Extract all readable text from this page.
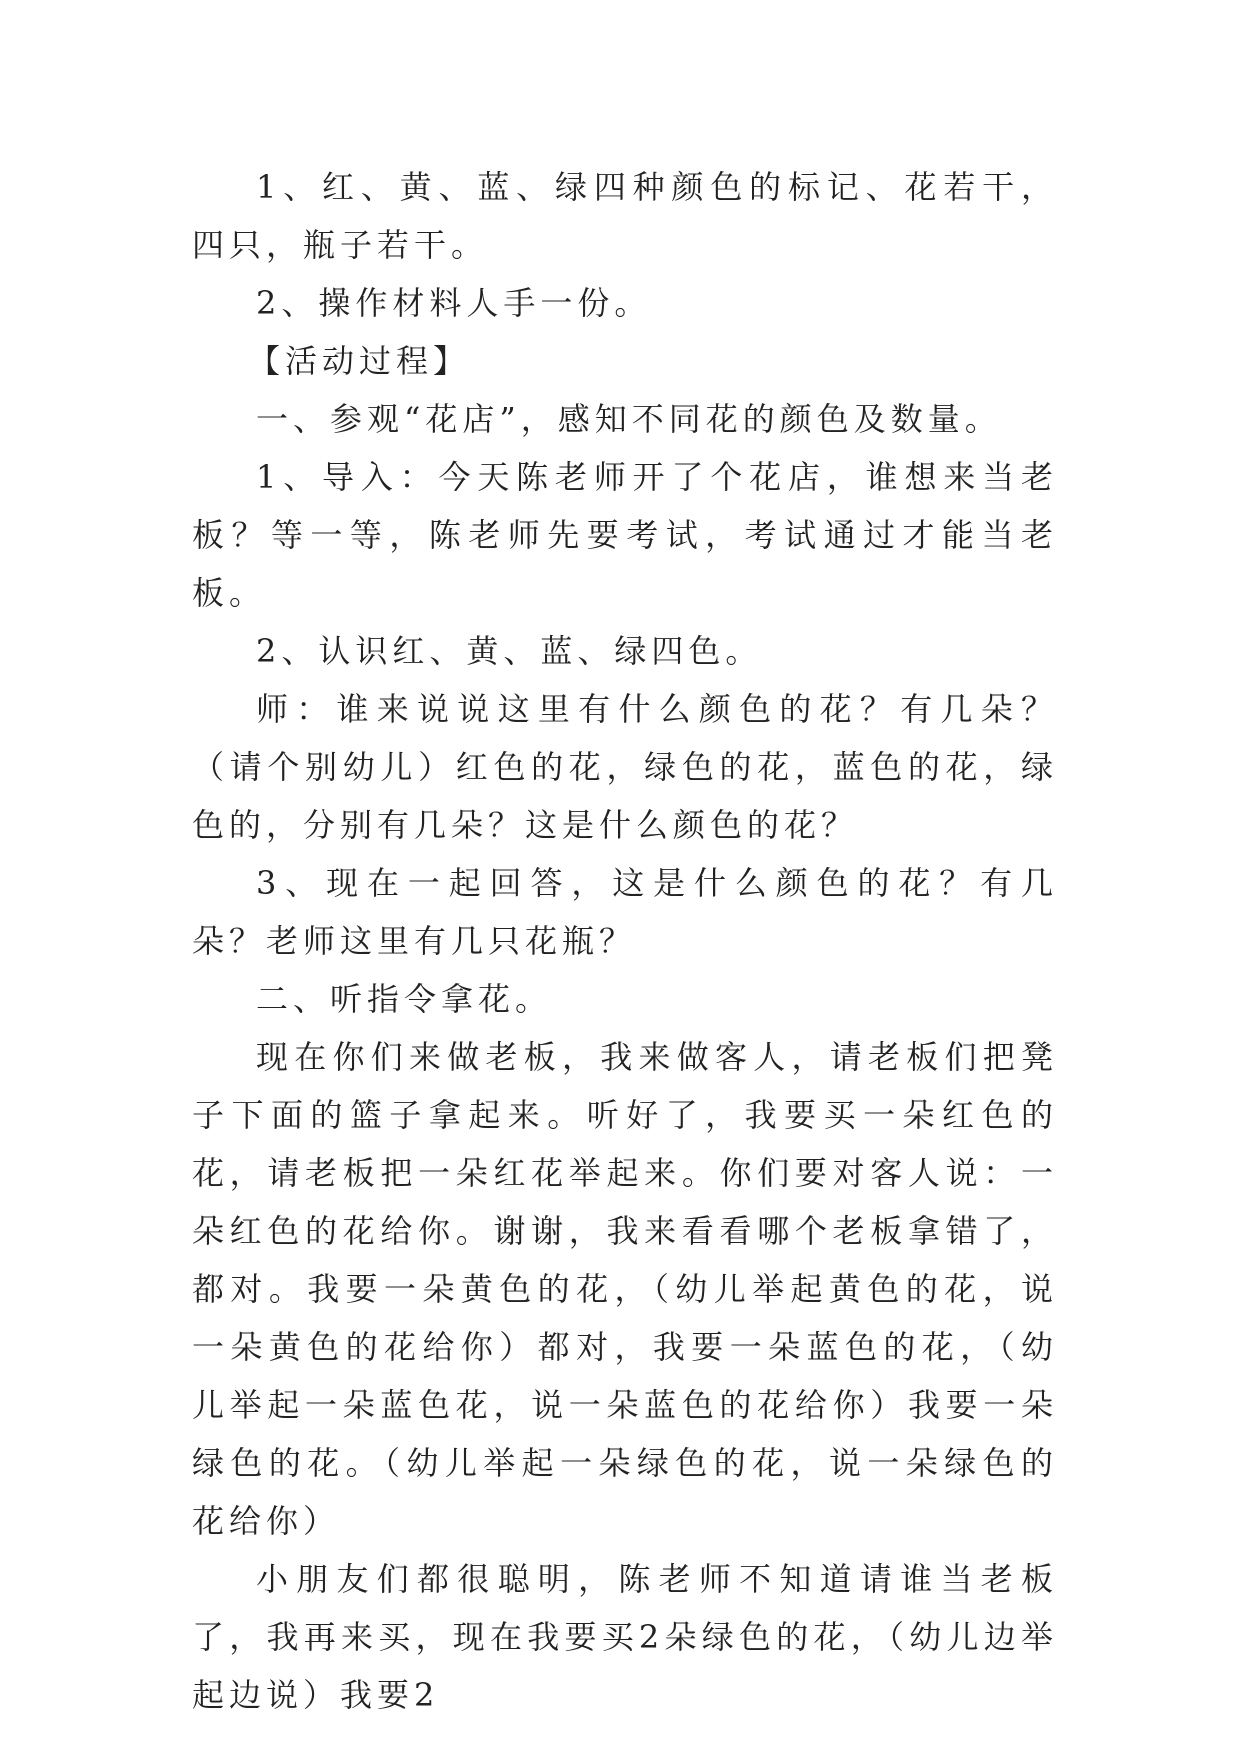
1、红、黄、蓝、绿四种颜色的标记、花若干，四只，瓶子若干。

2、操作材料人手一份。

【活动过程】

一、参观“花店”，感知不同花的颜色及数量。

1、导入：今天陈老师开了个花店，谁想来当老板？等一等，陈老师先要考试，考试通过才能当老板。

2、认识红、黄、蓝、绿四色。

师：谁来说说这里有什么颜色的花？有几朵？（请个别幼儿）红色的花，绿色的花，蓝色的花，绿色的，分别有几朵？这是什么颜色的花？

3、现在一起回答，这是什么颜色的花？有几朵？老师这里有几只花瓶？

二、听指令拿花。

现在你们来做老板，我来做客人，请老板们把凳子下面的篮子拿起来。听好了，我要买一朵红色的花，请老板把一朵红花举起来。你们要对客人说：一朵红色的花给你。谢谢，我来看看哪个老板拿错了，都对。我要一朵黄色的花，（幼儿举起黄色的花，说一朵黄色的花给你）都对，我要一朵蓝色的花，（幼儿举起一朵蓝色花，说一朵蓝色的花给你）我要一朵绿色的花。（幼儿举起一朵绿色的花，说一朵绿色的花给你）

小朋友们都很聪明，陈老师不知道请谁当老板了，我再来买，现在我要买2朵绿色的花，（幼儿边举起边说）我要2
